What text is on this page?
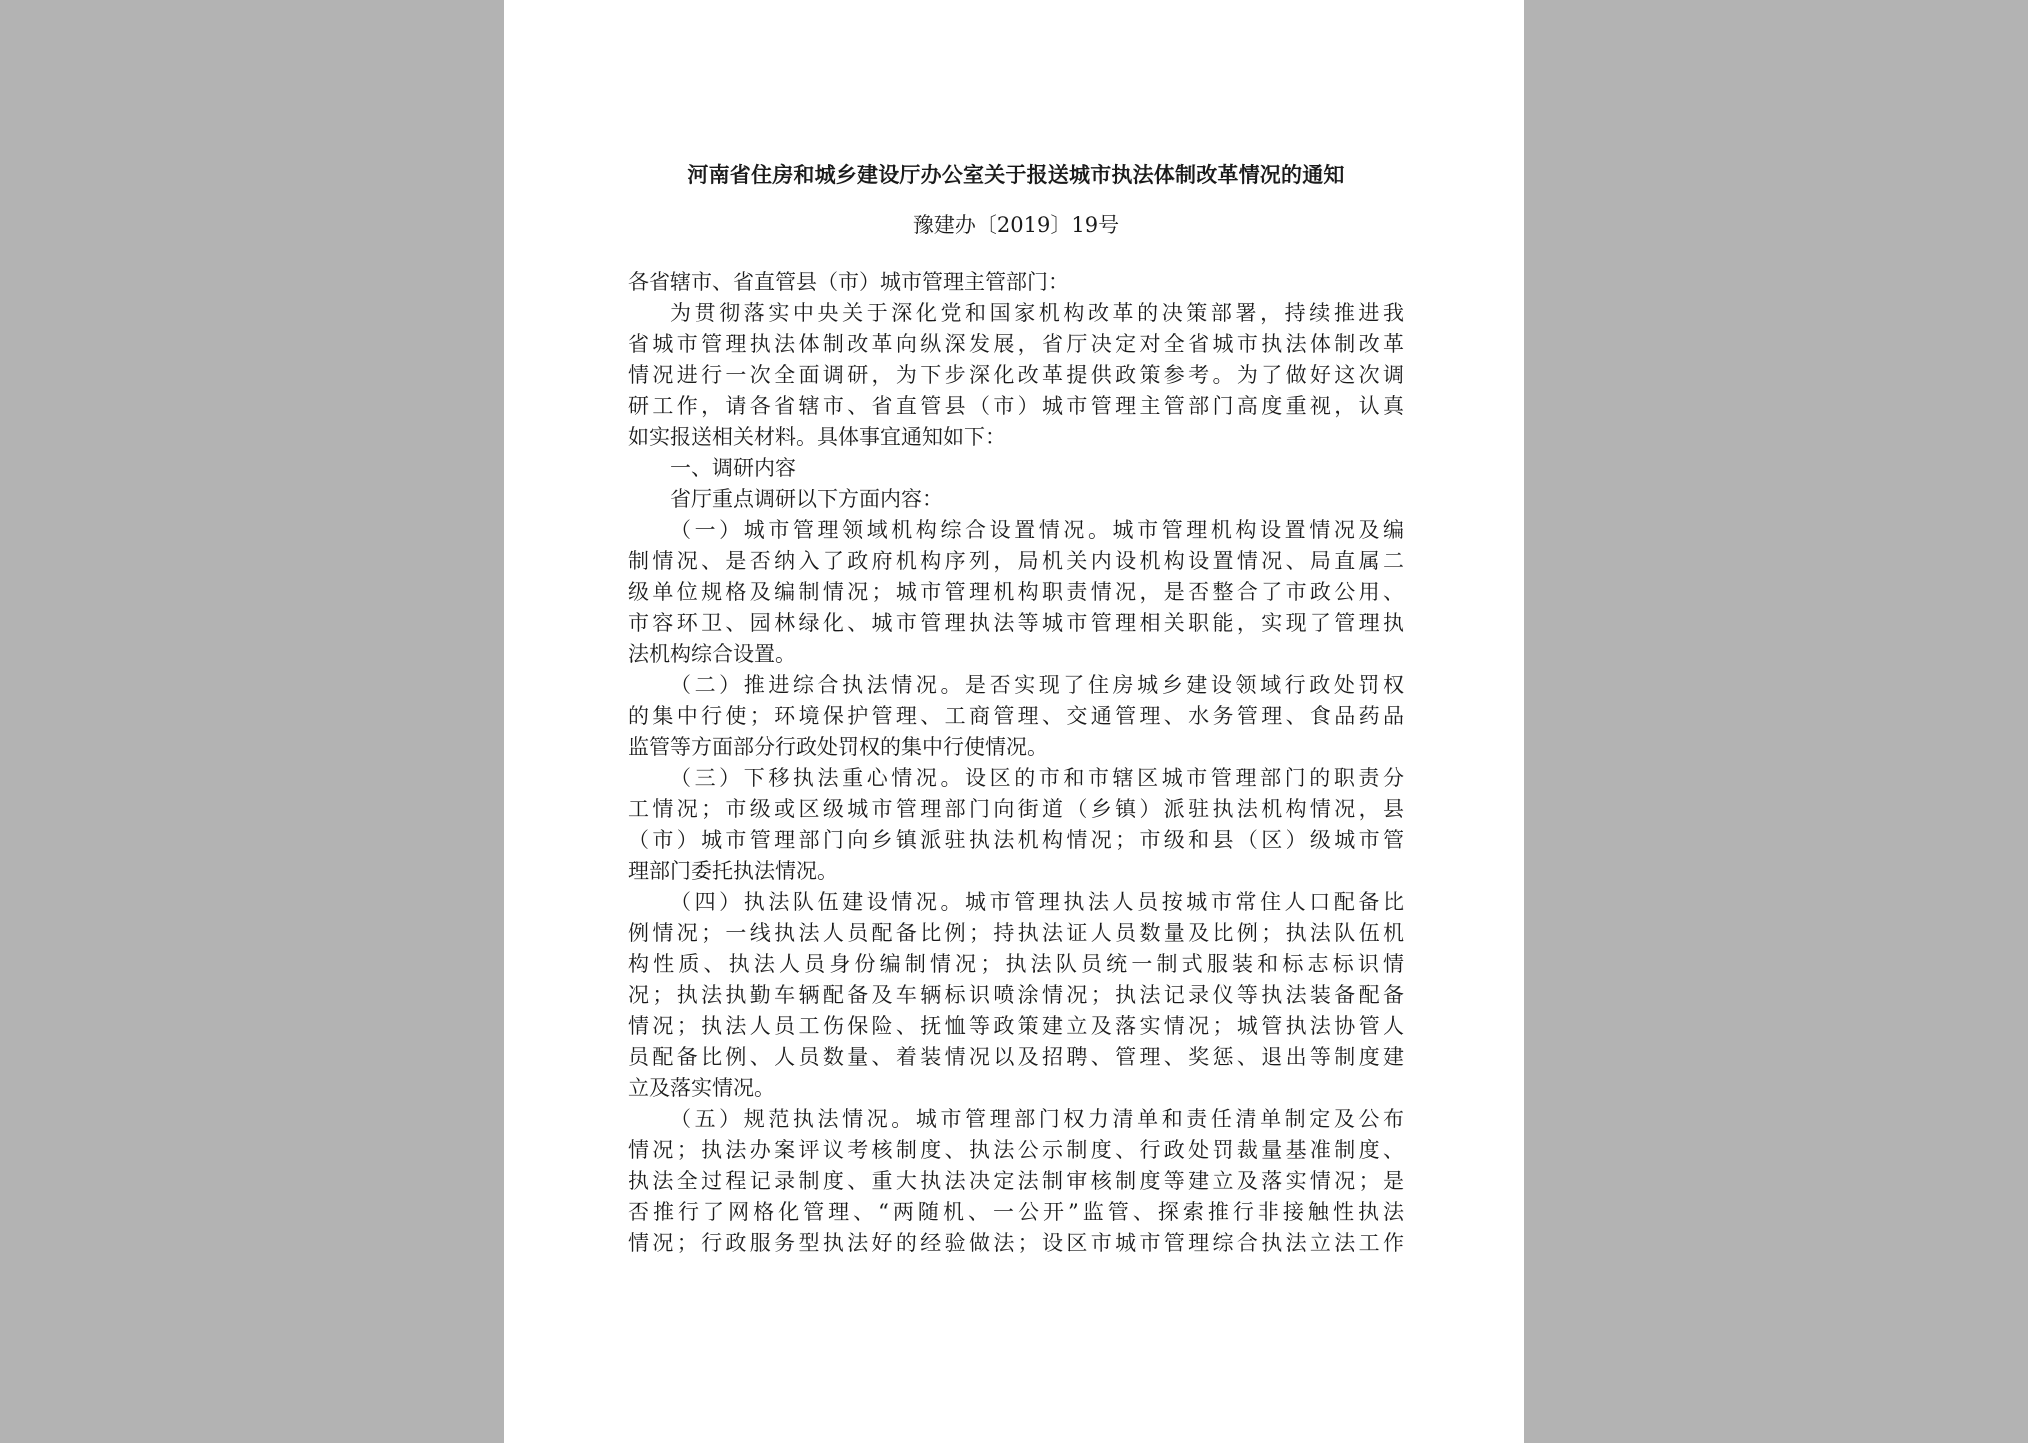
河南省住房和城乡建设厅办公室关于报送城市执法体制改革情况的通知
豫建办〔2019〕19号

各省辖市、省直管县（市）城市管理主管部门：

为贯彻落实中央关于深化党和国家机构改革的决策部署，持续推进我

省城市管理执法体制改革向纵深发展，省厅决定对全省城市执法体制改革

情况进行一次全面调研，为下步深化改革提供政策参考。为了做好这次调

研工作，请各省辖市、省直管县（市）城市管理主管部门高度重视，认真

如实报送相关材料。具体事宜通知如下：

一、调研内容

省厅重点调研以下方面内容：

（一）城市管理领域机构综合设置情况。城市管理机构设置情况及编

制情况、是否纳入了政府机构序列，局机关内设机构设置情况、局直属二

级单位规格及编制情况；城市管理机构职责情况，是否整合了市政公用、

市容环卫、园林绿化、城市管理执法等城市管理相关职能，实现了管理执

法机构综合设置。

（二）推进综合执法情况。是否实现了住房城乡建设领域行政处罚权

的集中行使；环境保护管理、工商管理、交通管理、水务管理、食品药品

监管等方面部分行政处罚权的集中行使情况。

（三）下移执法重心情况。设区的市和市辖区城市管理部门的职责分

工情况；市级或区级城市管理部门向街道（乡镇）派驻执法机构情况，县

（市）城市管理部门向乡镇派驻执法机构情况；市级和县（区）级城市管

理部门委托执法情况。

（四）执法队伍建设情况。城市管理执法人员按城市常住人口配备比

例情况；一线执法人员配备比例；持执法证人员数量及比例；执法队伍机

构性质、执法人员身份编制情况；执法队员统一制式服装和标志标识情

况；执法执勤车辆配备及车辆标识喷涂情况；执法记录仪等执法装备配备

情况；执法人员工伤保险、抚恤等政策建立及落实情况；城管执法协管人

员配备比例、人员数量、着装情况以及招聘、管理、奖惩、退出等制度建

立及落实情况。

（五）规范执法情况。城市管理部门权力清单和责任清单制定及公布

情况；执法办案评议考核制度、执法公示制度、行政处罚裁量基准制度、

执法全过程记录制度、重大执法决定法制审核制度等建立及落实情况；是

否推行了网格化管理、“两随机、一公开”监管、探索推行非接触性执法

情况；行政服务型执法好的经验做法；设区市城市管理综合执法立法工作
